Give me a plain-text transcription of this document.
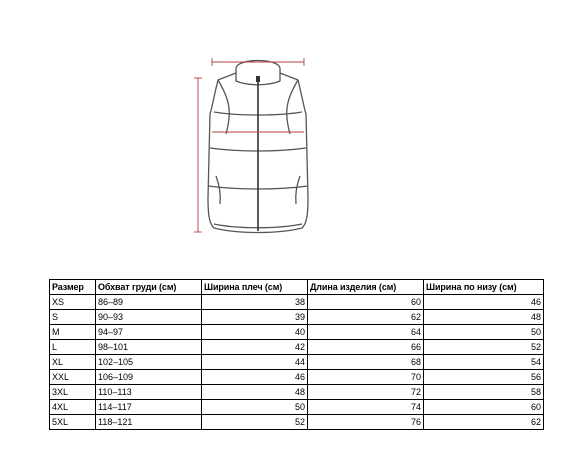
Размер	Обхват груди (см)	Ширина плеч (см)	Длина изделия (см)	Ширина по низу (см)
XS	86–89	38	60	46
S	90–93	39	62	48
M	94–97	40	64	50
L	98–101	42	66	52
XL	102–105	44	68	54
XXL	106–109	46	70	56
3XL	110–113	48	72	58
4XL	114–117	50	74	60
5XL	118–121	52	76	62
